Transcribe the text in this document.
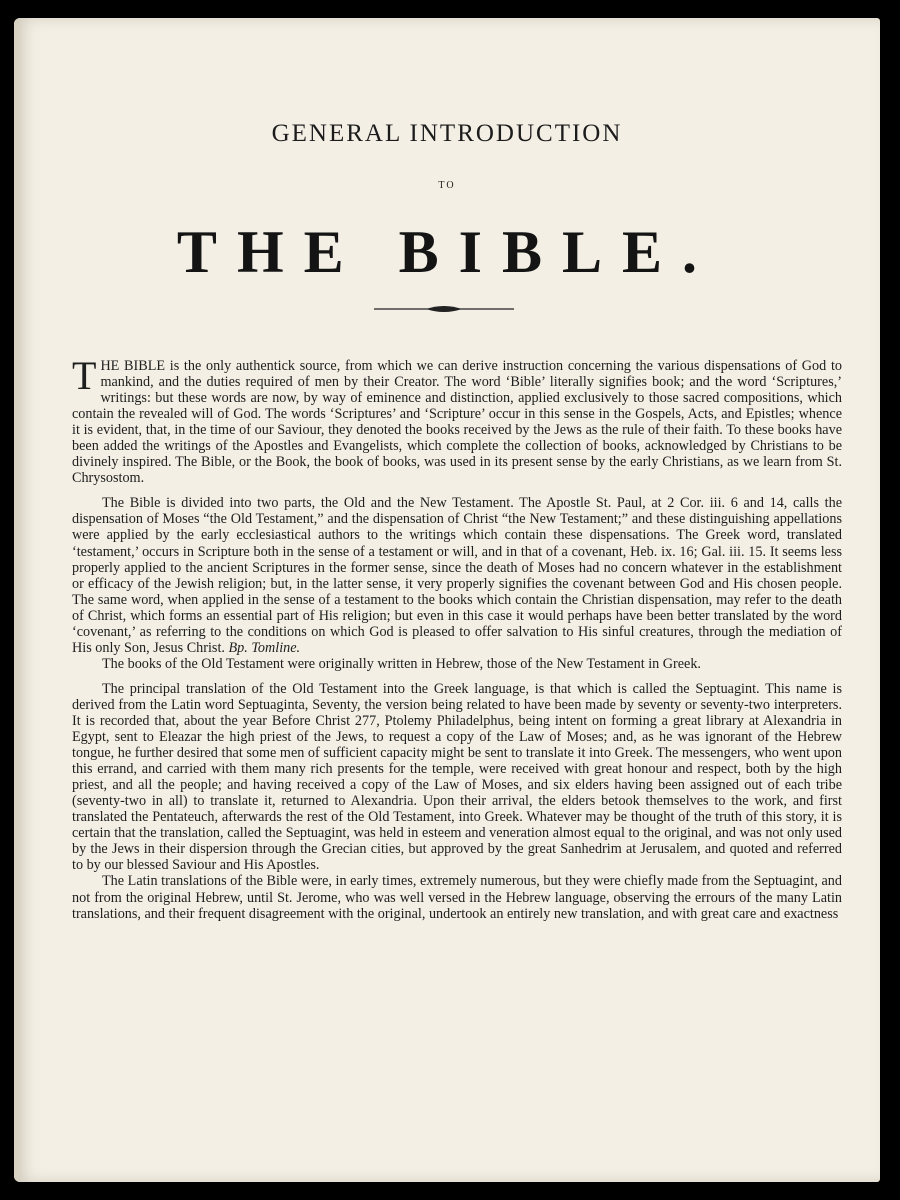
GENERAL INTRODUCTION
TO
THE BIBLE.

THE BIBLE is the only authentick source, from which we can derive instruction concerning the various dispensations of God to mankind, and the duties required of men by their Creator. The word ‘Bible’ literally signifies book; and the word ‘Scriptures,’ writings: but these words are now, by way of eminence and distinction, applied exclusively to those sacred compositions, which contain the revealed will of God. The words ‘Scriptures’ and ‘Scripture’ occur in this sense in the Gospels, Acts, and Epistles; whence it is evident, that, in the time of our Saviour, they denoted the books received by the Jews as the rule of their faith. To these books have been added the writings of the Apostles and Evangelists, which complete the collection of books, acknowledged by Christians to be divinely inspired. The Bible, or the Book, the book of books, was used in its present sense by the early Christians, as we learn from St. Chrysostom.

The Bible is divided into two parts, the Old and the New Testament. The Apostle St. Paul, at 2 Cor. iii. 6 and 14, calls the dispensation of Moses “the Old Testament,” and the dispensation of Christ “the New Testament;” and these distinguishing appellations were applied by the early ecclesiastical authors to the writings which contain these dispensations. The Greek word, translated ‘testament,’ occurs in Scripture both in the sense of a testament or will, and in that of a covenant, Heb. ix. 16; Gal. iii. 15. It seems less properly applied to the ancient Scriptures in the former sense, since the death of Moses had no concern whatever in the establishment or efficacy of the Jewish religion; but, in the latter sense, it very properly signifies the covenant between God and His chosen people. The same word, when applied in the sense of a testament to the books which contain the Christian dispensation, may refer to the death of Christ, which forms an essential part of His religion; but even in this case it would perhaps have been better translated by the word ‘covenant,’ as referring to the conditions on which God is pleased to offer salvation to His sinful creatures, through the mediation of His only Son, Jesus Christ. Bp. Tomline.

The books of the Old Testament were originally written in Hebrew, those of the New Testament in Greek.

The principal translation of the Old Testament into the Greek language, is that which is called the Septuagint. This name is derived from the Latin word Septuaginta, Seventy, the version being related to have been made by seventy or seventy-two interpreters. It is recorded that, about the year Before Christ 277, Ptolemy Philadelphus, being intent on forming a great library at Alexandria in Egypt, sent to Eleazar the high priest of the Jews, to request a copy of the Law of Moses; and, as he was ignorant of the Hebrew tongue, he further desired that some men of sufficient capacity might be sent to translate it into Greek. The messengers, who went upon this errand, and carried with them many rich presents for the temple, were received with great honour and respect, both by the high priest, and all the people; and having received a copy of the Law of Moses, and six elders having been assigned out of each tribe (seventy-two in all) to translate it, returned to Alexandria. Upon their arrival, the elders betook themselves to the work, and first translated the Pentateuch, afterwards the rest of the Old Testament, into Greek. Whatever may be thought of the truth of this story, it is certain that the translation, called the Septuagint, was held in esteem and veneration almost equal to the original, and was not only used by the Jews in their dispersion through the Grecian cities, but approved by the great Sanhedrim at Jerusalem, and quoted and referred to by our blessed Saviour and His Apostles.

The Latin translations of the Bible were, in early times, extremely numerous, but they were chiefly made from the Septuagint, and not from the original Hebrew, until St. Jerome, who was well versed in the Hebrew language, observing the errours of the many Latin translations, and their frequent disagreement with the original, undertook an entirely new translation, and with great care and exactness
